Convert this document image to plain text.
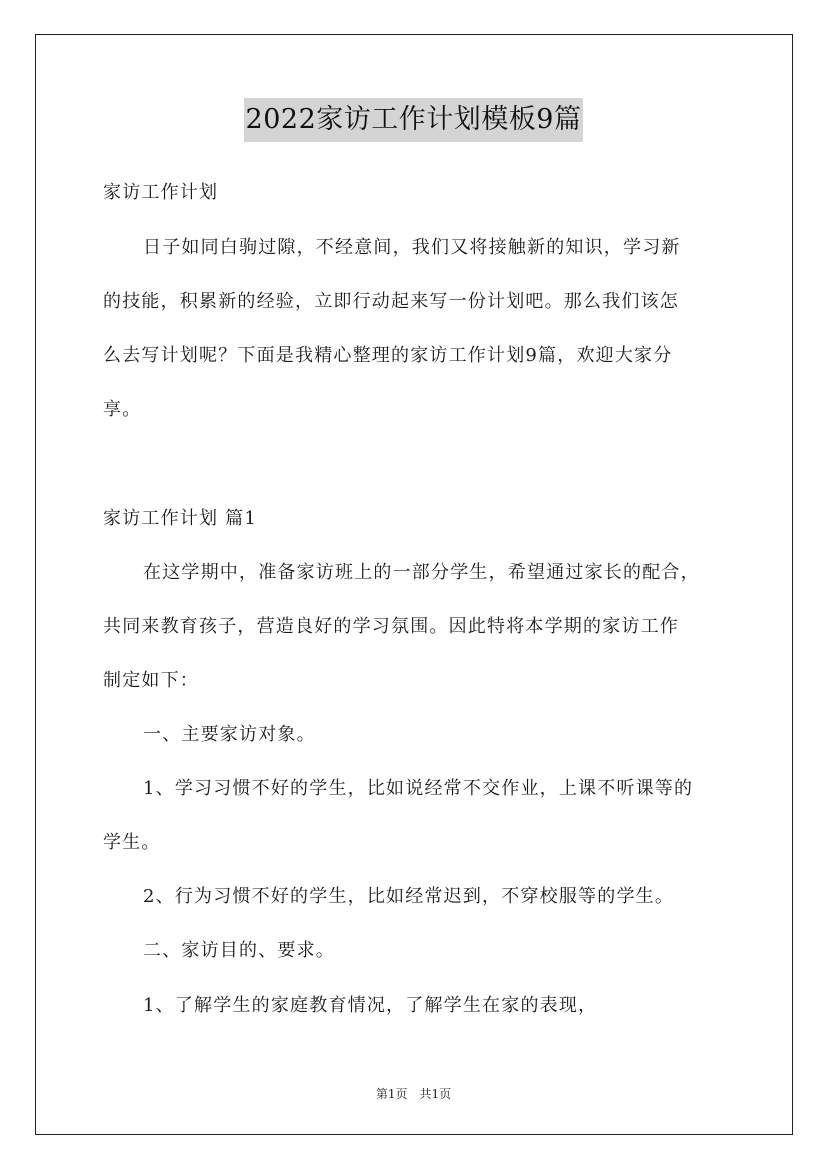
2022家访工作计划模板9篇
家访工作计划
日子如同白驹过隙，不经意间，我们又将接触新的知识，学习新
的技能，积累新的经验，立即行动起来写一份计划吧。那么我们该怎
么去写计划呢？下面是我精心整理的家访工作计划9篇，欢迎大家分
享。
家访工作计划 篇1
在这学期中，准备家访班上的一部分学生，希望通过家长的配合，
共同来教育孩子，营造良好的学习氛围。因此特将本学期的家访工作
制定如下：
一、主要家访对象。
1、学习习惯不好的学生，比如说经常不交作业，上课不听课等的
学生。
2、行为习惯不好的学生，比如经常迟到，不穿校服等的学生。
二、家访目的、要求。
1、了解学生的家庭教育情况，了解学生在家的表现，
第1页　共1页
